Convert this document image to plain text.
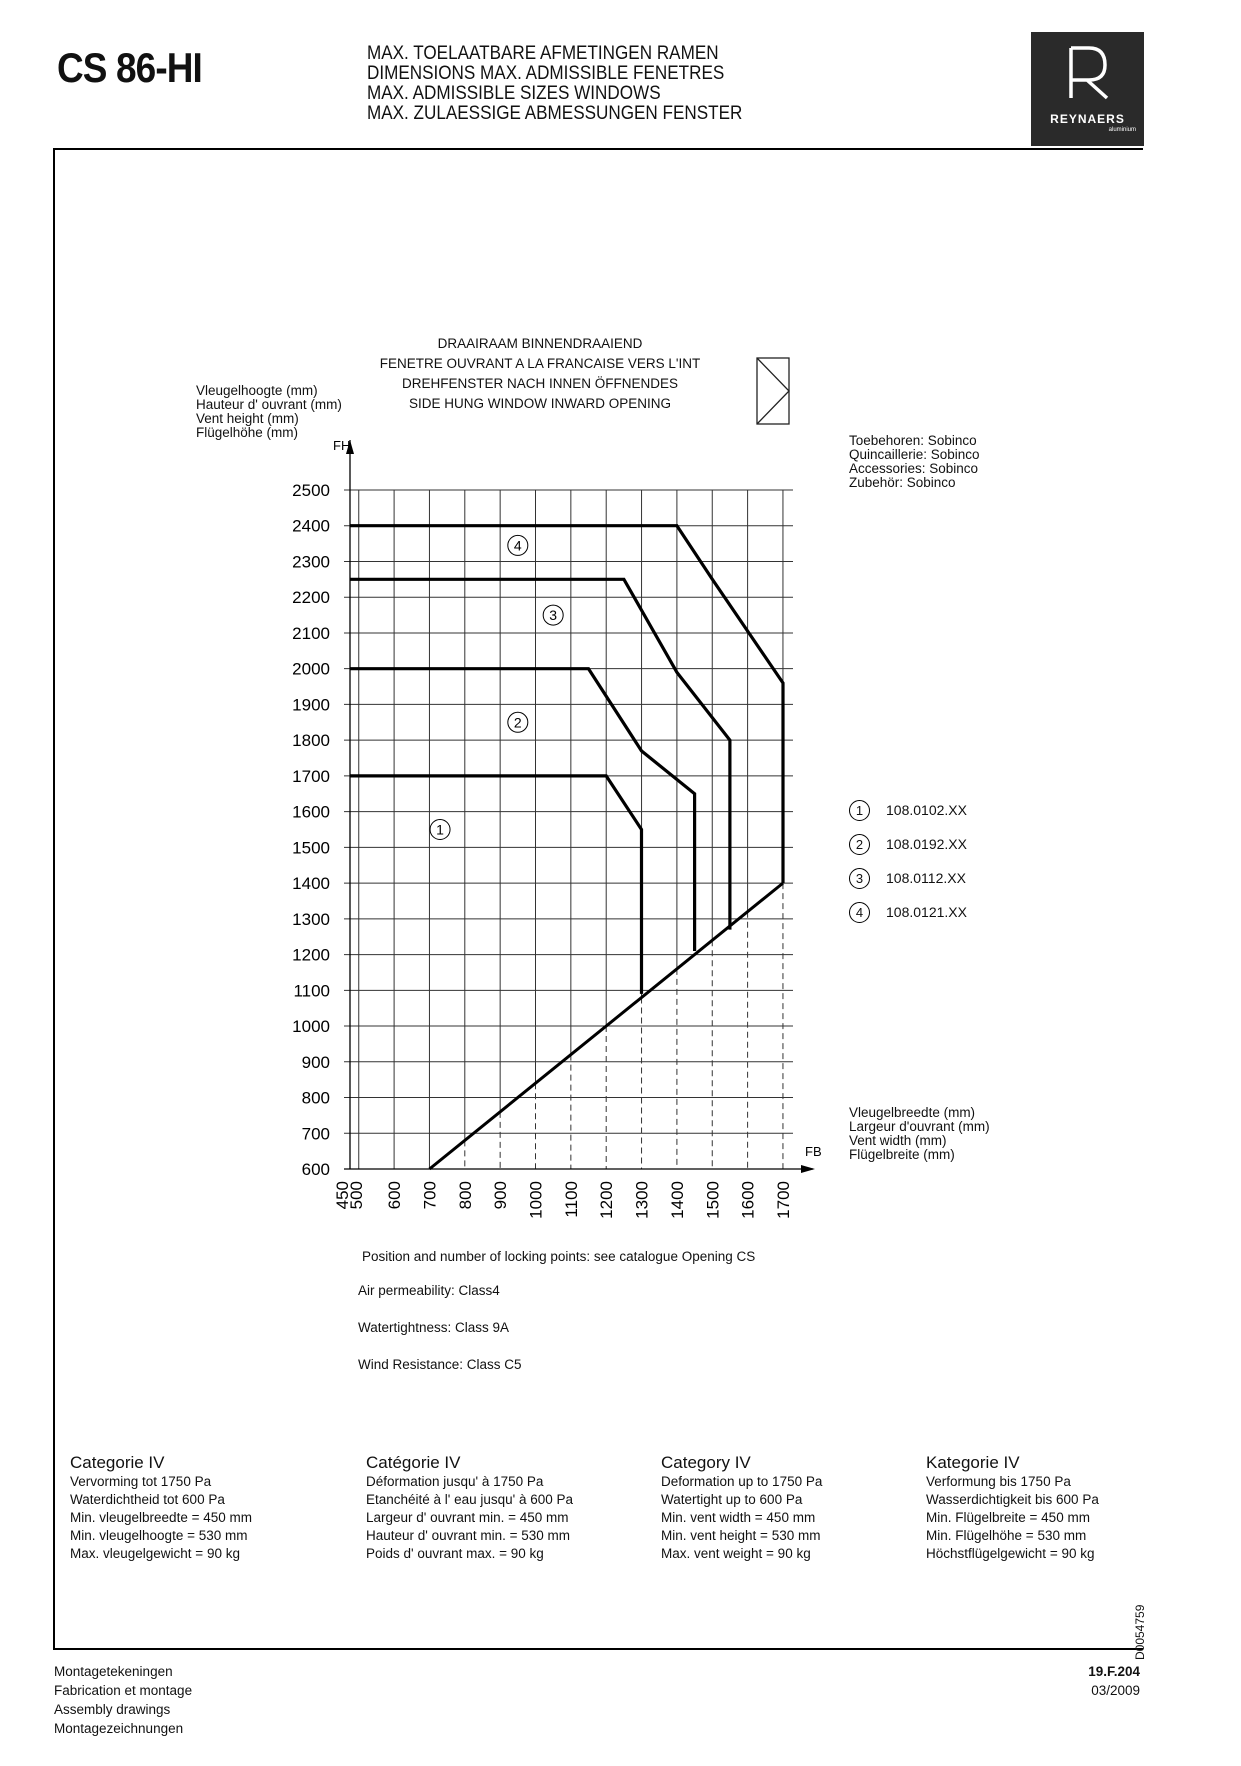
CS 86-HI	MAX. TOELAATBARE AFMETINGEN RAMEN
DIMENSIONS MAX. ADMISSIBLE FENETRES
MAX. ADMISSIBLE SIZES WINDOWS
MAX. ZULAESSIGE ABMESSUNGEN FENSTER	REYNAERS
aluminium
DRAAIRAAM BINNENDRAAIEND
FENETRE OUVRANT A LA FRANCAISE VERS L'INT
DREHFENSTER NACH INNEN ÖFFNENDES
SIDE HUNG WINDOW INWARD OPENING
Vleugelhoogte (mm)
Hauteur d' ouvrant (mm)
Vent height (mm)
Flügelhöhe (mm)
Toebehoren: Sobinco
Quincaillerie: Sobinco
Accessories: Sobinco
Zubehör: Sobinco
Vleugelbreedte (mm)
Largeur d'ouvrant (mm)
Vent width (mm)
Flügelbreite (mm)
FH
FB
600
700
800
900
1000
1100
1200
1300
1400
1500
1600
1700
1800
1900
2000
2100
2200
2300
2400
2500
450
500 600 700 800 900 1000 1100 1200 1300 1400 1500 1600 1700
1
2
3
4
1	108.0102.XX
2	108.0192.XX
3	108.0112.XX
4	108.0121.XX
Position and number of locking points: see catalogue Opening CS
Air permeability: Class4
Watertightness: Class 9A
Wind Resistance: Class C5
Categorie IV
Vervorming tot 1750 Pa
Waterdichtheid tot 600 Pa
Min. vleugelbreedte = 450 mm
Min. vleugelhoogte = 530 mm
Max. vleugelgewicht = 90 kg
Catégorie IV
Déformation jusqu' à 1750 Pa
Etanchéité à l' eau jusqu' à 600 Pa
Largeur d' ouvrant min. = 450 mm
Hauteur d' ouvrant min. = 530 mm
Poids d' ouvrant max. = 90 kg
Category IV
Deformation up to 1750 Pa
Watertight up to 600 Pa
Min. vent width = 450 mm
Min. vent height = 530 mm
Max. vent weight = 90 kg
Kategorie IV
Verformung bis 1750 Pa
Wasserdichtigkeit bis 600 Pa
Min. Flügelbreite = 450 mm
Min. Flügelhöhe = 530 mm
Höchstflügelgewicht = 90 kg
D0054759
Montagetekeningen
Fabrication et montage
Assembly drawings
Montagezeichnungen
19.F.204
03/2009
